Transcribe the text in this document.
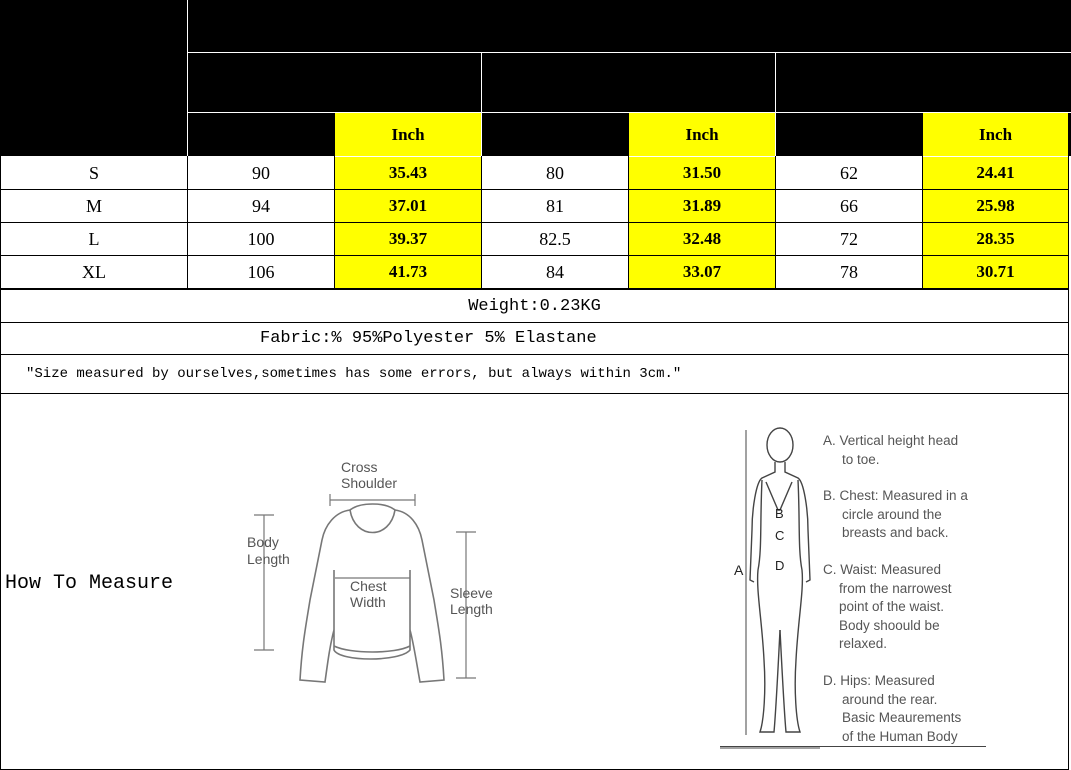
Size
Y104# Measurement
Chest	Length	Waist
cm	Inch	cm	Inch	cm	Inch
S	90	35.43	80	31.50	62	24.41
M	94	37.01	81	31.89	66	25.98
L	100	39.37	82.5	32.48	72	28.35
XL	106	41.73	84	33.07	78	30.71
Weight:0.23KG
Fabric:% 95%Polyester 5% Elastane
"Size measured by ourselves,sometimes has some errors, but always within 3cm."
How To Measure
Cross
Shoulder
Body
Length
Chest
Width
Sleeve
Length
A
B
C
D
A. Vertical height head
to toe.
B. Chest: Measured in a
circle around the
breasts and back.
C. Waist: Measured
from the narrowest
point of the waist.
Body shoould be
relaxed.
D. Hips: Measured
around the rear.
Basic Meaurements
of the Human Body
